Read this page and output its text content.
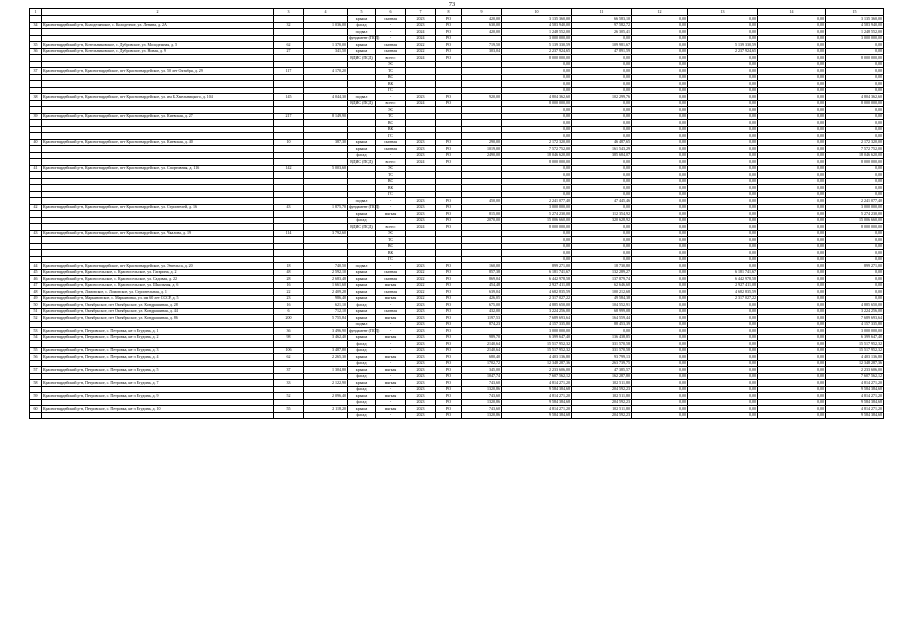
73
1	2	3	4	5	6	7	8	9	10	11	12	13	14	15
				крыша	скатная	2023	РО	420,00	3 135 360,00	66 583,10	0,00	0,00	0,00	3 135 360,00
34	Красногвардейский р-н, Колодезянское, с. Колодезное, ул. Ленина, д. 2А	32	1 036,00	фасад	-	2023	РО	630,00	4 583 940,00	97 582,72	0,00	0,00	0,00	4 583 940,00
				подвал	-	2024	РО	420,00	1 248 552,00	26 305,41	0,00	0,00	0,00	1 248 552,00
				фундамент (ПСД)	-	2024	РО		3 000 000,00	0,00	0,00	0,00	0,00	3 000 000,00
35	Красногвардейский р-н, Котельниковское, с. Дубровское, ул. Молодежная, д. 5	62	1 370,00	крыша	скатная	2022	РО	719,50	5 139 330,59	109 981,67	0,00	5 139 330,59	0,00	0,00
36	Красногвардейский р-н, Котельниковское, с. Дубровское, ул. Новая, д. 9	27	341,50	крыша	скатная	2022	РО	303,04	2 237 924,65	47 891,59	0,00	2 237 924,65	0,00	0,00
				ВДИС (ПСД)	всего:	2024	РО		8 000 000,00	0,00	0,00	0,00	0,00	8 000 000,00
					ЭС				0,00	0,00	0,00	0,00	0,00	0,00
37	Красногвардейский р-н, Красногвардейское, пгт Красногвардейское, ул. 50 лет Октября, д. 29	117	4 170,20		ТС				0,00	0,00	0,00	0,00	0,00	0,00
					ВС				0,00	0,00	0,00	0,00	0,00	0,00
					ВК				0,00	0,00	0,00	0,00	0,00	0,00
					ГС				0,00	0,00	0,00	0,00	0,00	0,00
38	Красногвардейский р-н, Красногвардейское, пгт Красногвардейское, ул. им Б.Хмельницкого, д. 104	145	4 044,30	подвал	-	2023	РО	920,00	4 804 362,60	102 299,76	0,00	0,00	0,00	4 804 362,60
				ВДИС (ПСД)	всего:	2024	РО		8 000 000,00	0,00	0,00	0,00	0,00	8 000 000,00
					ЭС				0,00	0,00	0,00	0,00	0,00	0,00
39	Красногвардейский р-н, Красногвардейское, пгт Красногвардейское, ул. Киевская, д. 27	217	8 149,90		ТС				0,00	0,00	0,00	0,00	0,00	0,00
					ВС				0,00	0,00	0,00	0,00	0,00	0,00
					ВК				0,00	0,00	0,00	0,00	0,00	0,00
					ГС				0,00	0,00	0,00	0,00	0,00	0,00
40	Красногвардейский р-н, Красногвардейское, пгт Красногвардейское, ул. Киевская, д. 40	10	387,30	крыша	скатная	2023	РО	290,00	2 172 320,00	46 487,65	0,00	0,00	0,00	2 172 320,00
				крыша	скатная	2023	РО	1019,00	7 572 752,00	161 543,29	0,00	0,00	0,00	7 572 752,00
				фасад	-	2023	РО	2490,00	18 046 620,00	385 684,07	0,00	0,00	0,00	18 046 620,00
				ВДИС (ПСД)	всего:	2024	РО		8 000 000,00	0,00	0,00	0,00	0,00	8 000 000,00
41	Красногвардейский р-н, Красногвардейское, пгт Красногвардейское, ул. Спортивная, д. 116	142	5 003,60		ЭС				0,00	0,00	0,00	0,00	0,00	0,00
					ТС				0,00	0,00	0,00	0,00	0,00	0,00
					ВС				0,00	0,00	0,00	0,00	0,00	0,00
					ВК				0,00	0,00	0,00	0,00	0,00	0,00
					ГС				0,00	0,00	0,00	0,00	0,00	0,00
				подвал	-	2023	РО	450,00	2 241 077,40	47 445,46	0,00	0,00	0,00	2 241 077,40
42	Красногвардейский р-н, Красногвардейское, пгт Красногвардейское, ул. Строителей, д. 16	43	1 875,70	фундамент (ПСД)	-	2023	РО		3 000 000,00	0,00	0,00	0,00	0,00	3 000 000,00
				крыша	мягкая	2023	РО	815,00	5 274 230,00	112 354,92	0,00	0,00	0,00	5 274 230,00
				фасад	-	2023	РО	2070,00	15 006 660,00	320 628,92	0,00	0,00	0,00	15 006 660,00
				ВДИС (ПСД)	всего:	2024	РО		8 000 000,00	0,00	0,00	0,00	0,00	8 000 000,00
43	Красногвардейский р-н, Красногвардейское, пгт Красногвардейское, ул. Чкалова, д. 19	114	3 792,60		ЭС				0,00	0,00	0,00	0,00	0,00	0,00
					ТС				0,00	0,00	0,00	0,00	0,00	0,00
					ВС				0,00	0,00	0,00	0,00	0,00	0,00
					ВК				0,00	0,00	0,00	0,00	0,00	0,00
					ГС				0,00	0,00	0,00	0,00	0,00	0,00
44	Красногвардейский р-н, Красногвардейское, пгт Красногвардейское, ул. Энгельса, д. 20	18	740,50	подвал	-	2023	РО	160,00	899 271,00	18 730,80	0,00	0,00	0,00	899 271,00
45	Красногвардейский р-н, Красносельское, с. Красносельское, ул. Гагарина, д. 2	48	2 592,10	крыша	скатная	2022	РО	857,38	6 181 741,67	132 289,27	0,00	6 181 741,67	0,00	0,00
46	Красногвардейский р-н, Красносельское, с. Красносельское, ул. Садовая, д. 22	28	2 683,48	крыша	скатная	2022	РО	869,04	6 442 978,58	137 879,74	0,00	6 442 978,58	0,00	0,00
47	Красногвардейский р-н, Красносельское, с. Красносельское, ул. Школьная, д. 6	16	1 661,60	крыша	мягкая	2022	РО	454,48	2 927 411,08	62 646,60	0,00	2 927 411,08	0,00	0,00
48	Красногвардейский р-н, Ломовское, с. Ломовское, ул. Строительная, д. 1	22	2 409,28	крыша	скатная	2022	РО	639,04	4 682 835,59	100 212,68	0,00	4 682 835,59	0,00	0,00
49	Красногвардейский р-н, Марьяновское, с. Марьяновка, ул. им 60 лет СССР, д. 5	23	986,40	крыша	мягкая	2022	РО	426,05	2 317 027,22	49 584,38	0,00	2 317 027,22	0,00	0,00
50	Красногвардейский р-н, Октябрьское, пгт Октябрьское, ул. Кондрашиная, д. 28	16	621,10	фасад	-	2023	РО	675,00	4 885 650,00	104 552,91	0,00	0,00	0,00	4 885 650,00
51	Красногвардейский р-н, Октябрьское, пгт Октябрьское, ул. Кондрашиная, д. 44	6	712,10	крыша	скатная	2023	РО	432,00	3 224 256,00	68 999,08	0,00	0,00	0,00	3 224 256,00
52	Красногвардейский р-н, Октябрьское, пгт Октябрьское, ул. Кондрашиная, д. 86	200	5 755,84	крыша	мягкая	2023	РО	1197,53	7 689 693,64	164 559,44	0,00	0,00	0,00	7 689 693,64
				подвал	-	2023	РО	874,23	4 157 335,80	88 453,39	0,00	0,00	0,00	4 157 335,80
53	Красногвардейский р-н, Петровское, с. Петровка, кв-л Егудина, д. 1	36	3 496,90	фундамент (ПСД)	-	2023	РО		3 000 000,00	0,00	0,00	0,00	0,00	3 000 000,00
54	Красногвардейский р-н, Петровское, с. Петровка, кв-л Егудина, д. 2	98	3 462,40	крыша	мягкая	2023	РО	989,70	6 399 647,40	136 438,85	0,00	0,00	0,00	6 399 647,40
				фасад	-	2023	РО	2140,64	15 517 952,32	331 570,58	0,00	0,00	0,00	15 517 952,32
55	Красногвардейский р-н, Петровское, с. Петровка, кв-л Егудина, д. 3	106	3 487,80	фасад	-	2023	РО	2140,64	15 517 952,32	331 570,58	0,00	0,00	0,00	15 517 952,32
56	Красногвардейский р-н, Петровское, с. Петровка, кв-л Егудина, д. 4	62	2 265,30	крыша	мягкая	2023	РО	680,40	4 403 136,80	93 799,13	0,00	0,00	0,00	4 403 136,80
				фасад	-	2023	РО	1702,72	12 348 287,36	263 739,75	0,00	0,00	0,00	12 348 287,36
57	Красногвардейский р-н, Петровское, с. Петровка, кв-л Егудина, д. 5	37	1 304,80	крыша	мягкая	2023	РО	345,00	2 233 606,00	47 385,57	0,00	0,00	0,00	2 233 606,00
				фасад	-	2023	РО	1047,74	7 607 562,12	162 287,80	0,00	0,00	0,00	7 607 562,12
58	Красногвардейский р-н, Петровское, с. Петровка, кв-л Егудина, д. 7	33	2 122,90	крыша	мягкая	2023	РО	743,60	4 814 271,20	102 511,80	0,00	0,00	0,00	4 814 271,20
				фасад	-	2023	РО	1320,86	9 584 384,68	204 592,23	0,00	0,00	0,00	9 584 384,68
59	Красногвардейский р-н, Петровское, с. Петровка, кв-л Егудина, д. 9	52	2 096,40	крыша	мягкая	2023	РО	743,60	4 814 271,20	102 511,80	0,00	0,00	0,00	4 814 271,20
				фасад	-	2023	РО	1320,86	9 584 384,68	204 592,23	0,00	0,00	0,00	9 584 384,68
60	Красногвардейский р-н, Петровское, с. Петровка, кв-л Егудина, д. 10	55	2 118,20	крыша	мягкая	2023	РО	743,60	4 814 271,20	102 511,80	0,00	0,00	0,00	4 814 271,20
				фасад	-	2023	РО	1320,86	9 584 384,68	204 592,23	0,00	0,00	0,00	9 584 384,68
